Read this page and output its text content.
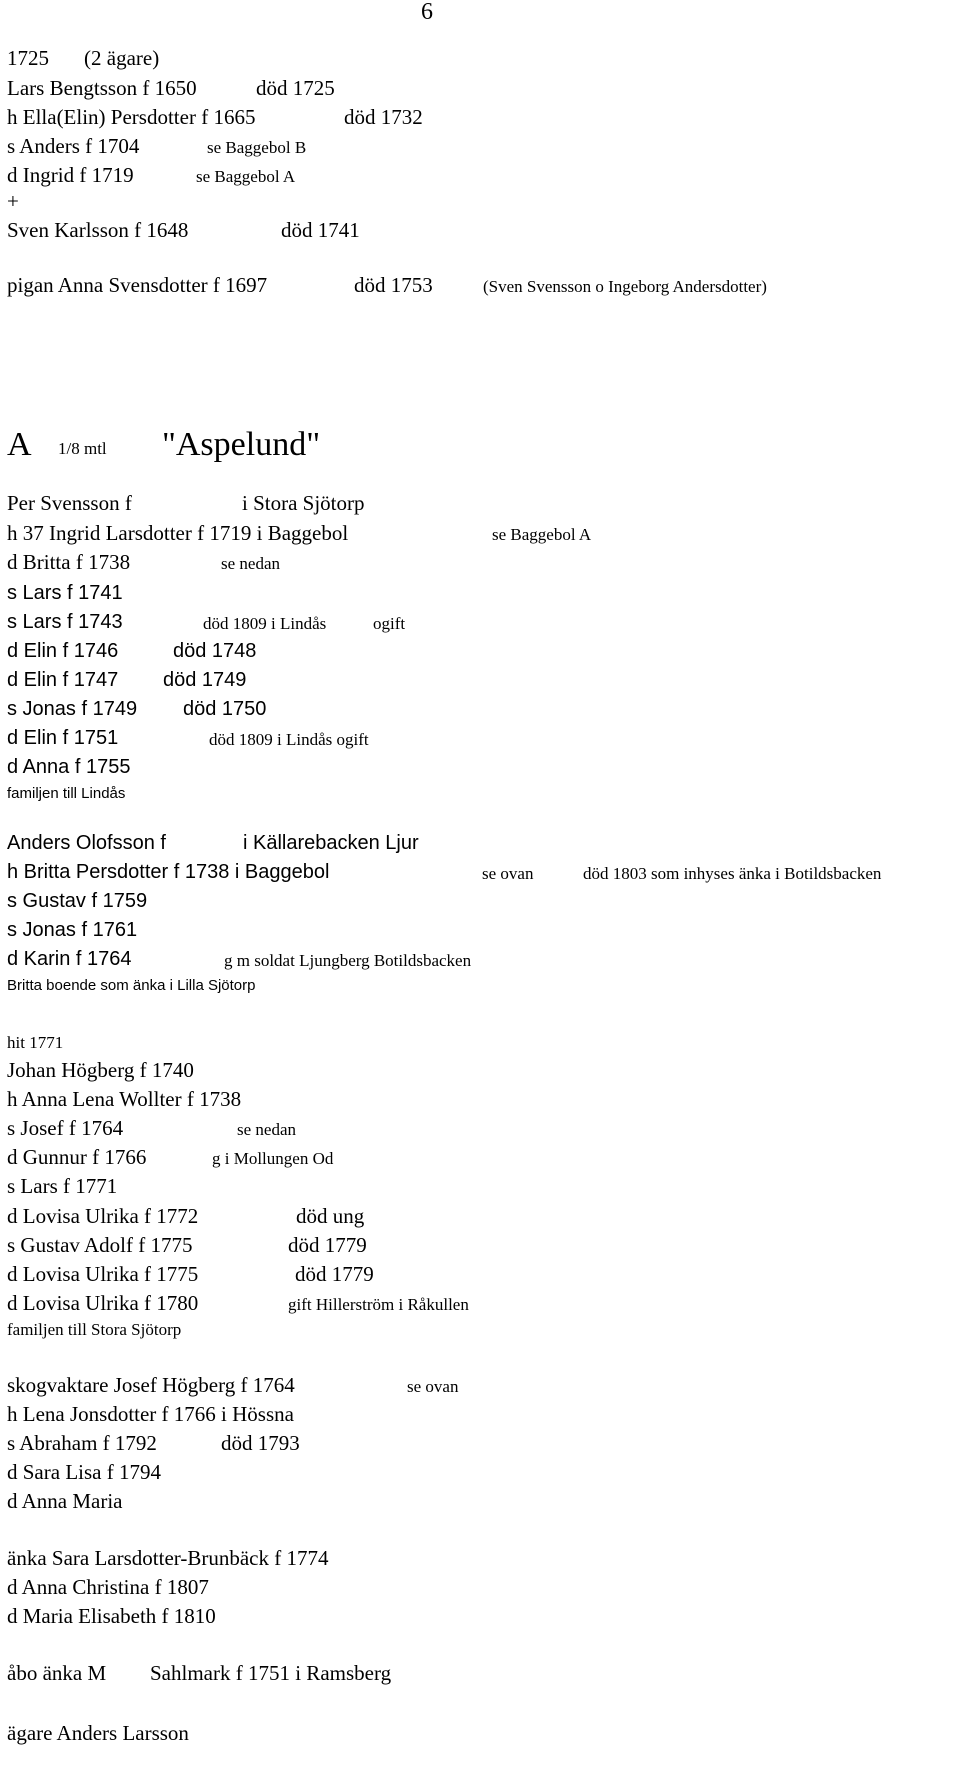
6
1725 (2 ägare)
Lars Bengtsson f 1650	död 1725
h Ella(Elin) Persdotter f 1665	död 1732
s Anders f 1704	se Baggebol B
d Ingrid f 1719	se Baggebol A
+
Sven Karlsson f 1648	död 1741
pigan Anna Svensdotter f 1697	död 1753	(Sven Svensson o Ingeborg Andersdotter)
A 1/8 mtl "Aspelund"
Per Svensson f	i Stora Sjötorp
h 37 Ingrid Larsdotter f 1719 i Baggebol	se Baggebol A
d Britta f 1738	se nedan
s Lars f 1741
s Lars f 1743	död 1809 i Lindås	ogift
d Elin f 1746	död 1748
d Elin f 1747 död 1749
s Jonas f 1749 död 1750
d Elin f 1751	död 1809 i Lindås ogift
d Anna f 1755
familjen till Lindås
Anders Olofsson f	i Källarebacken Ljur
h Britta Persdotter f 1738 i Baggebol	se ovan	död 1803 som inhyses änka i Botildsbacken
s Gustav f 1759
s Jonas f 1761
d Karin f 1764	g m soldat Ljungberg Botildsbacken
Britta boende som änka i Lilla Sjötorp
hit 1771
Johan Högberg f 1740
h Anna Lena Wollter f 1738
s Josef f 1764	se nedan
d Gunnur f 1766	g i Mollungen Od
s Lars f 1771
d Lovisa Ulrika f 1772	död ung
s Gustav Adolf f 1775	död 1779
d Lovisa Ulrika f 1775	död 1779
d Lovisa Ulrika f 1780	gift Hillerström i Råkullen
familjen till Stora Sjötorp
skogvaktare Josef Högberg f 1764	se ovan
h Lena Jonsdotter f 1766 i Hössna
s Abraham f 1792	död 1793
d Sara Lisa f 1794
d Anna Maria
änka Sara Larsdotter-Brunbäck f 1774
d Anna Christina f 1807
d Maria Elisabeth f 1810
åbo änka M Sahlmark f 1751 i Ramsberg
ägare Anders Larsson
